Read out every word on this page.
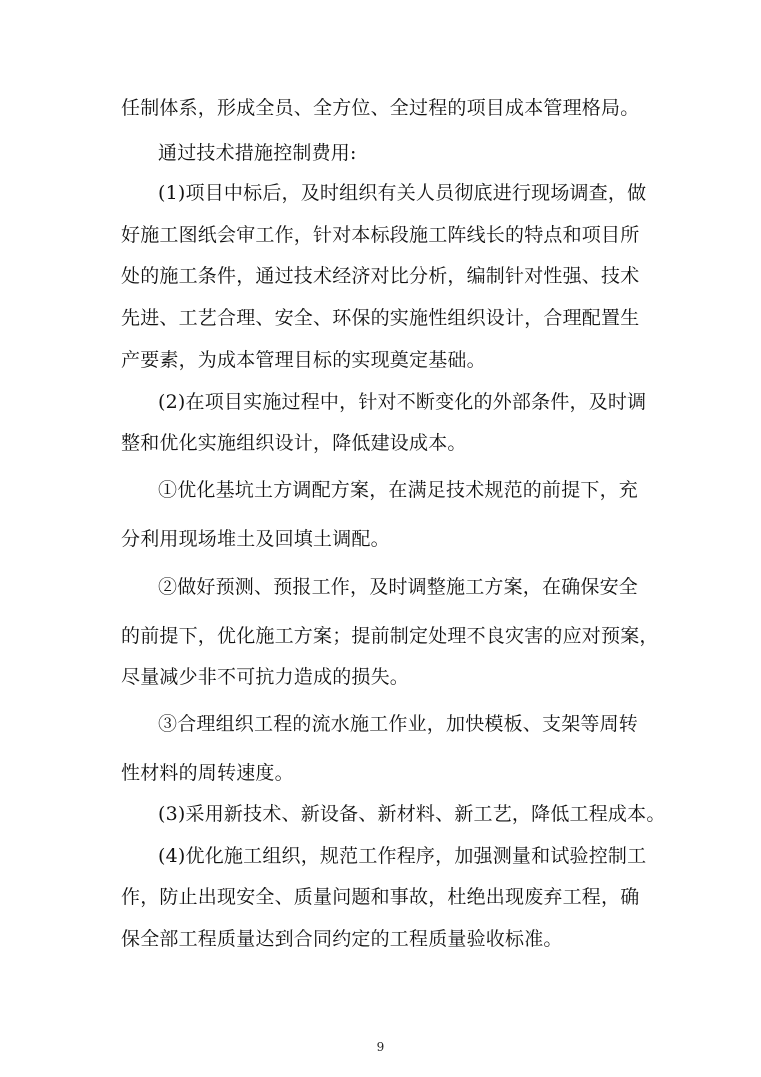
任制体系，形成全员、全方位、全过程的项目成本管理格局。
通过技术措施控制费用:
(1)项目中标后，及时组织有关人员彻底进行现场调查，做
好施工图纸会审工作，针对本标段施工阵线长的特点和项目所
处的施工条件，通过技术经济对比分析，编制针对性强、技术
先进、工艺合理、安全、环保的实施性组织设计，合理配置生
产要素，为成本管理目标的实现奠定基础。
(2)在项目实施过程中，针对不断变化的外部条件，及时调
整和优化实施组织设计，降低建设成本。
①优化基坑土方调配方案，在满足技术规范的前提下，充
分利用现场堆土及回填土调配。
②做好预测、预报工作，及时调整施工方案，在确保安全
的前提下，优化施工方案；提前制定处理不良灾害的应对预案，
尽量减少非不可抗力造成的损失。
③合理组织工程的流水施工作业，加快模板、支架等周转
性材料的周转速度。
(3)采用新技术、新设备、新材料、新工艺，降低工程成本。
(4)优化施工组织，规范工作程序，加强测量和试验控制工
作，防止出现安全、质量问题和事故，杜绝出现废弃工程，确
保全部工程质量达到合同约定的工程质量验收标准。
9
